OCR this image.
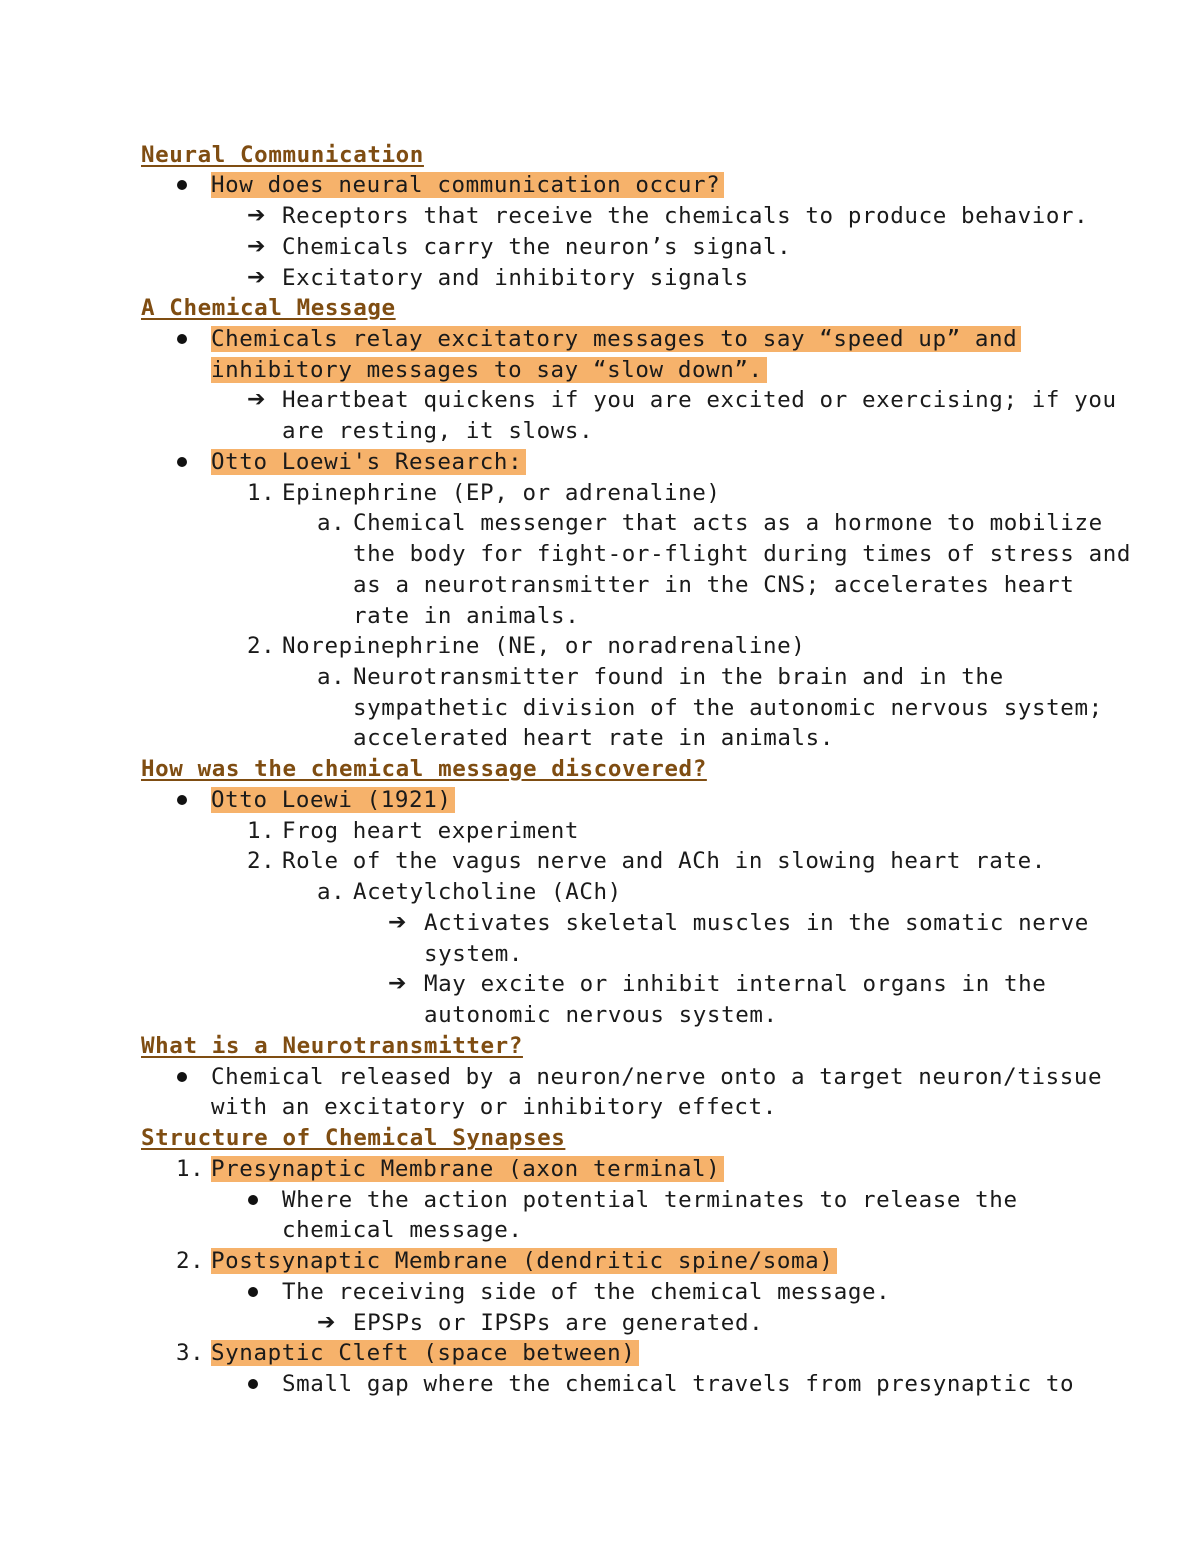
Neural Communication
How does neural communication occur?
➔ Receptors that receive the chemicals to produce behavior.
➔ Chemicals carry the neuron’s signal.
➔ Excitatory and inhibitory signals
A Chemical Message
Chemicals relay excitatory messages to say “speed up” and
inhibitory messages to say “slow down”.
➔ Heartbeat quickens if you are excited or exercising; if you
are resting, it slows.
Otto Loewi's Research:
1. Epinephrine (EP, or adrenaline)
a. Chemical messenger that acts as a hormone to mobilize
the body for fight-or-flight during times of stress and
as a neurotransmitter in the CNS; accelerates heart
rate in animals.
2. Norepinephrine (NE, or noradrenaline)
a. Neurotransmitter found in the brain and in the
sympathetic division of the autonomic nervous system;
accelerated heart rate in animals.
How was the chemical message discovered?
Otto Loewi (1921)
1. Frog heart experiment
2. Role of the vagus nerve and ACh in slowing heart rate.
a. Acetylcholine (ACh)
➔ Activates skeletal muscles in the somatic nerve
system.
➔ May excite or inhibit internal organs in the
autonomic nervous system.
What is a Neurotransmitter?
Chemical released by a neuron/nerve onto a target neuron/tissue
with an excitatory or inhibitory effect.
Structure of Chemical Synapses
1. Presynaptic Membrane (axon terminal)
Where the action potential terminates to release the
chemical message.
2. Postsynaptic Membrane (dendritic spine/soma)
The receiving side of the chemical message.
➔ EPSPs or IPSPs are generated.
3. Synaptic Cleft (space between)
Small gap where the chemical travels from presynaptic to
